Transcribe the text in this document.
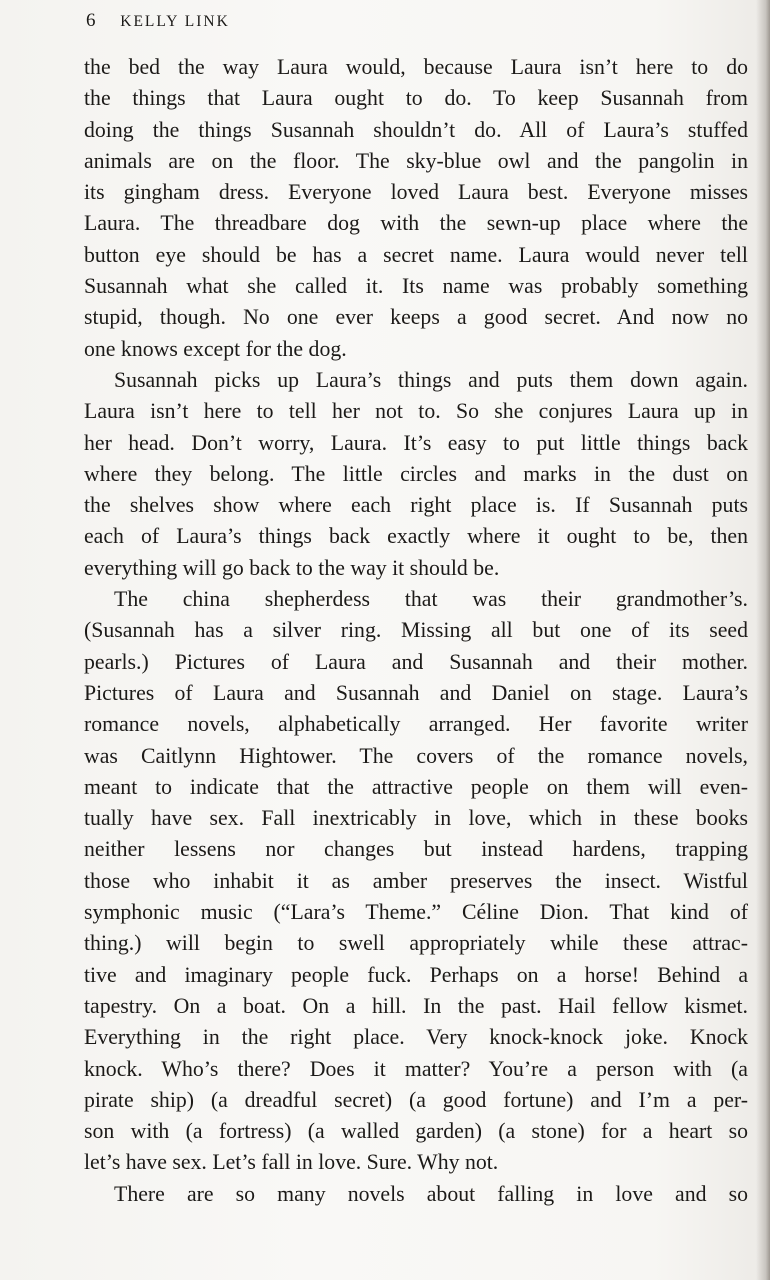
6 KELLY LINK
the bed the way Laura would, because Laura isn’t here to do
the things that Laura ought to do. To keep Susannah from
doing the things Susannah shouldn’t do. All of Laura’s stuffed
animals are on the floor. The sky-blue owl and the pangolin in
its gingham dress. Everyone loved Laura best. Everyone misses
Laura. The threadbare dog with the sewn-up place where the
button eye should be has a secret name. Laura would never tell
Susannah what she called it. Its name was probably something
stupid, though. No one ever keeps a good secret. And now no
one knows except for the dog.
Susannah picks up Laura’s things and puts them down again.
Laura isn’t here to tell her not to. So she conjures Laura up in
her head. Don’t worry, Laura. It’s easy to put little things back
where they belong. The little circles and marks in the dust on
the shelves show where each right place is. If Susannah puts
each of Laura’s things back exactly where it ought to be, then
everything will go back to the way it should be.
The china shepherdess that was their grandmother’s.
(Susannah has a silver ring. Missing all but one of its seed
pearls.) Pictures of Laura and Susannah and their mother.
Pictures of Laura and Susannah and Daniel on stage. Laura’s
romance novels, alphabetically arranged. Her favorite writer
was Caitlynn Hightower. The covers of the romance novels,
meant to indicate that the attractive people on them will even-
tually have sex. Fall inextricably in love, which in these books
neither lessens nor changes but instead hardens, trapping
those who inhabit it as amber preserves the insect. Wistful
symphonic music (“Lara’s Theme.” Céline Dion. That kind of
thing.) will begin to swell appropriately while these attrac-
tive and imaginary people fuck. Perhaps on a horse! Behind a
tapestry. On a boat. On a hill. In the past. Hail fellow kismet.
Everything in the right place. Very knock-knock joke. Knock
knock. Who’s there? Does it matter? You’re a person with (a
pirate ship) (a dreadful secret) (a good fortune) and I’m a per-
son with (a fortress) (a walled garden) (a stone) for a heart so
let’s have sex. Let’s fall in love. Sure. Why not.
There are so many novels about falling in love and so
